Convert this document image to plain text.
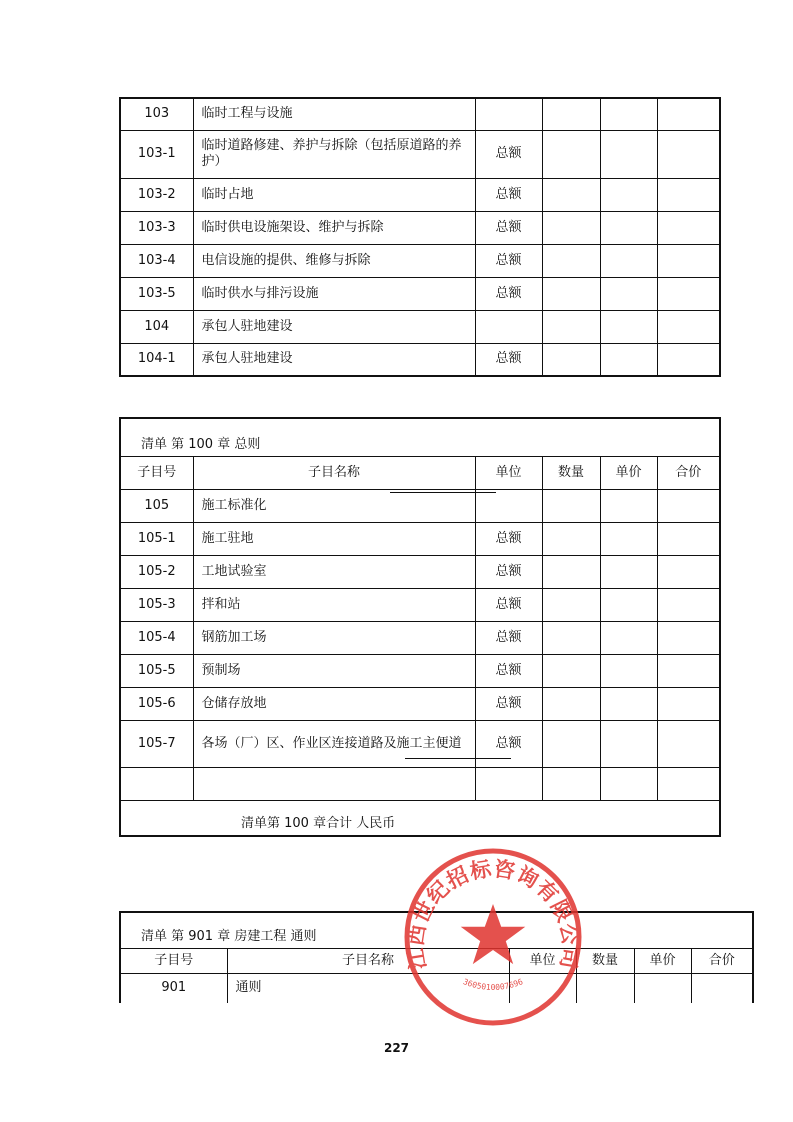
103	临时工程与设施				
103-1	临时道路修建、养护与拆除（包括原道路的养护）	总额			
103-2	临时占地	总额			
103-3	临时供电设施架设、维护与拆除	总额			
103-4	电信设施的提供、维修与拆除	总额			
103-5	临时供水与排污设施	总额			
104	承包人驻地建设				
104-1	承包人驻地建设	总额			
清单 第 100 章 总则					
子目号	子目名称	单位	数量	单价	合价
105	施工标准化				
105-1	施工驻地	总额			
105-2	工地试验室	总额			
105-3	拌和站	总额			
105-4	钢筋加工场	总额			
105-5	预制场	总额			
105-6	仓储存放地	总额			
105-7	各场（厂）区、作业区连接道路及施工主便道	总额			

清单第 100 章合计 人民币					
清单 第 901 章 房建工程 通则					
子目号	子目名称	单位	数量	单价	合价
901	通则				
江西世纪招标咨询有限公司
3605010007696
227
